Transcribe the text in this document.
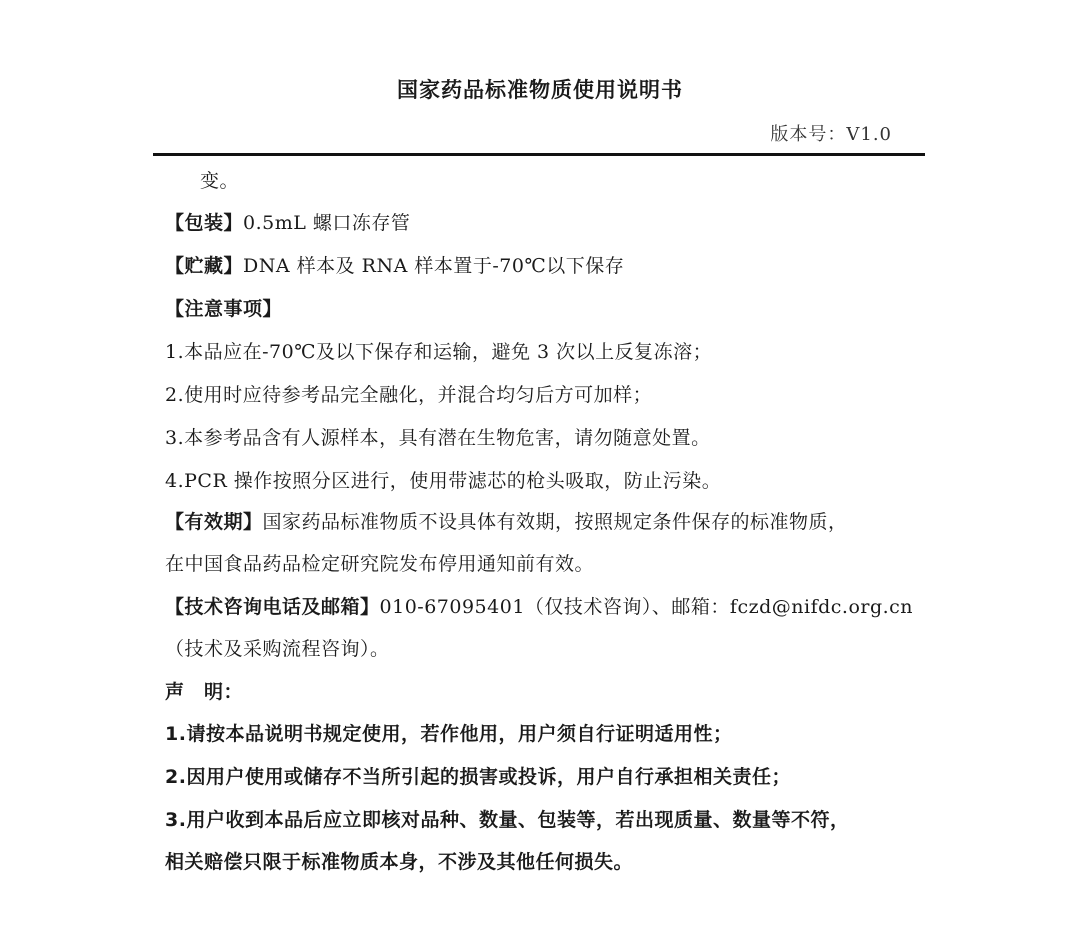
国家药品标准物质使用说明书
版本号：V1.0
变。
【包装】0.5mL 螺口冻存管
【贮藏】DNA 样本及 RNA 样本置于-70℃以下保存
【注意事项】
1.本品应在-70℃及以下保存和运输，避免 3 次以上反复冻溶；
2.使用时应待参考品完全融化，并混合均匀后方可加样；
3.本参考品含有人源样本，具有潜在生物危害，请勿随意处置。
4.PCR 操作按照分区进行，使用带滤芯的枪头吸取，防止污染。
【有效期】国家药品标准物质不设具体有效期，按照规定条件保存的标准物质，
在中国食品药品检定研究院发布停用通知前有效。
【技术咨询电话及邮箱】010-67095401（仅技术咨询）、邮箱：fczd@nifdc.org.cn
（技术及采购流程咨询）。
声　明：
1.请按本品说明书规定使用，若作他用，用户须自行证明适用性；
2.因用户使用或储存不当所引起的损害或投诉，用户自行承担相关责任；
3.用户收到本品后应立即核对品种、数量、包装等，若出现质量、数量等不符，
相关赔偿只限于标准物质本身，不涉及其他任何损失。
